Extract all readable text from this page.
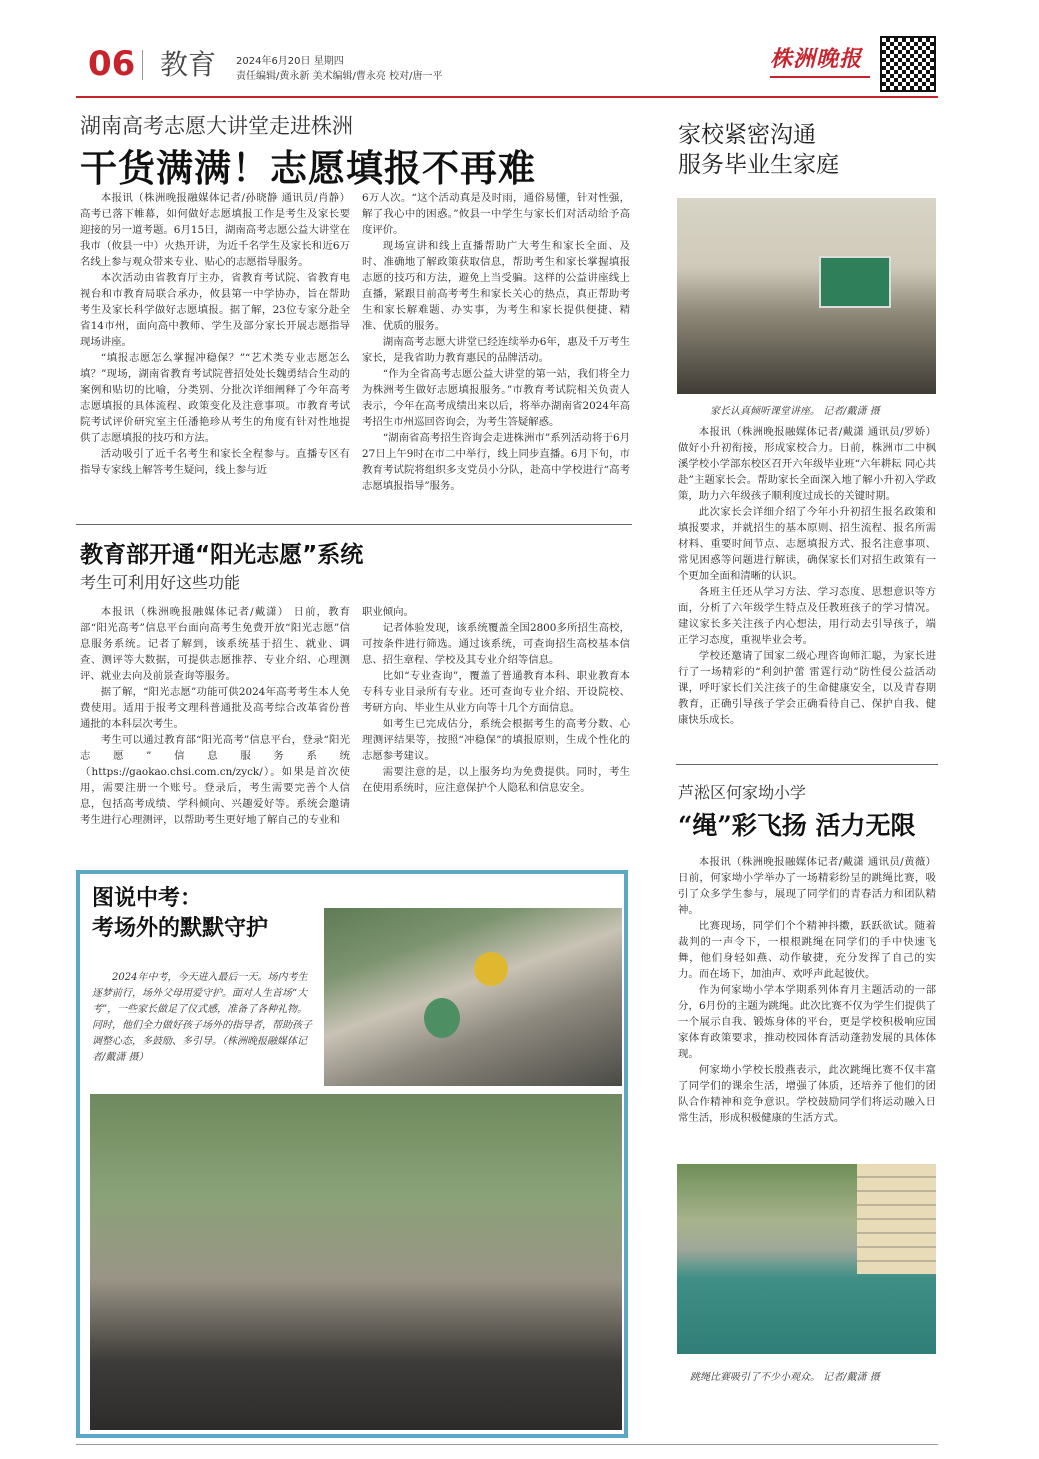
06 教育 2024年6月20日 星期四
责任编辑/黄永新 美术编辑/曹永亮 校对/唐一平
株洲晚报
湖南高考志愿大讲堂走进株洲
干货满满！志愿填报不再难

本报讯（株洲晚报融媒体记者/孙晓静 通讯员/肖静） 高考已落下帷幕，如何做好志愿填报工作是考生及家长要迎接的另一道考题。6月15日，湖南高考志愿公益大讲堂在我市（攸县一中）火热开讲，为近千名学生及家长和近6万名线上参与观众带来专业、贴心的志愿指导服务。

本次活动由省教育厅主办，省教育考试院、省教育电视台和市教育局联合承办，攸县第一中学协办，旨在帮助考生及家长科学做好志愿填报。据了解，23位专家分赴全省14市州，面向高中教师、学生及部分家长开展志愿指导现场讲座。

“填报志愿怎么掌握冲稳保？”“艺术类专业志愿怎么填？”现场，湖南省教育考试院普招处处长魏勇结合生动的案例和贴切的比喻，分类别、分批次详细阐释了今年高考志愿填报的具体流程、政策变化及注意事项。市教育考试院考试评价研究室主任潘艳珍从考生的角度有针对性地提供了志愿填报的技巧和方法。

活动吸引了近千名考生和家长全程参与。直播专区有指导专家线上解答考生疑问，线上参与近

6万人次。“这个活动真是及时雨，通俗易懂，针对性强，解了我心中的困惑。”攸县一中学生与家长们对活动给予高度评价。

现场宣讲和线上直播帮助广大考生和家长全面、及时、准确地了解政策获取信息，帮助考生和家长掌握填报志愿的技巧和方法，避免上当受骗。这样的公益讲座线上直播，紧跟目前高考考生和家长关心的热点，真正帮助考生和家长解难题、办实事，为考生和家长提供便捷、精准、优质的服务。

湖南高考志愿大讲堂已经连续举办6年，惠及千万考生家长，是我省助力教育惠民的品牌活动。

“作为全省高考志愿公益大讲堂的第一站，我们将全力为株洲考生做好志愿填报服务。”市教育考试院相关负责人表示，今年在高考成绩出来以后，将举办湖南省2024年高考招生市州巡回咨询会，为考生答疑解惑。

“湖南省高考招生咨询会走进株洲市”系列活动将于6月27日上午9时在市二中举行，线上同步直播。6月下旬，市教育考试院将组织多支党员小分队，赴高中学校进行“高考志愿填报指导”服务。

教育部开通“阳光志愿”系统
考生可利用好这些功能

本报讯（株洲晚报融媒体记者/戴潇） 日前，教育部“阳光高考”信息平台面向高考生免费开放“阳光志愿”信息服务系统。记者了解到，该系统基于招生、就业、调查、测评等大数据，可提供志愿推荐、专业介绍、心理测评、就业去向及前景查询等服务。

据了解，“阳光志愿”功能可供2024年高考考生本人免费使用。适用于报考文理科普通批及高考综合改革省份普通批的本科层次考生。

考生可以通过教育部“阳光高考”信息平台，登录“阳光志愿”信息服务系统（https://gaokao.chsi.com.cn/zyck/）。如果是首次使用，需要注册一个账号。登录后，考生需要完善个人信息，包括高考成绩、学科倾向、兴趣爱好等。系统会邀请考生进行心理测评，以帮助考生更好地了解自己的专业和

职业倾向。

记者体验发现，该系统覆盖全国2800多所招生高校，可按条件进行筛选。通过该系统，可查询招生高校基本信息、招生章程、学校及其专业介绍等信息。

比如“专业查询”，覆盖了普通教育本科、职业教育本专科专业目录所有专业。还可查询专业介绍、开设院校、考研方向、毕业生从业方向等十几个方面信息。

如考生已完成估分，系统会根据考生的高考分数、心理测评结果等，按照“冲稳保”的填报原则，生成个性化的志愿参考建议。

需要注意的是，以上服务均为免费提供。同时，考生在使用系统时，应注意保护个人隐私和信息安全。

图说中考：
考场外的默默守护
2024年中考，今天进入最后一天。场内考生逐梦前行，场外父母用爱守护。面对人生首场“大考”，一些家长做足了仪式感，准备了各种礼物。同时，他们全力做好孩子场外的指导者，帮助孩子调整心态，多鼓励、多引导。（株洲晚报融媒体记者/戴潇 摄）
家校紧密沟通
服务毕业生家庭
家长认真倾听课堂讲座。 记者/戴潇 摄

本报讯（株洲晚报融媒体记者/戴潇 通讯员/罗娇） 做好小升初衔接，形成家校合力。日前，株洲市二中枫溪学校小学部东校区召开六年级毕业班“六年耕耘 同心共赴”主题家长会。帮助家长全面深入地了解小升初入学政策，助力六年级孩子顺利度过成长的关键时期。

此次家长会详细介绍了今年小升初招生报名政策和填报要求，并就招生的基本原则、招生流程、报名所需材料、重要时间节点、志愿填报方式、报名注意事项、常见困惑等问题进行解读，确保家长们对招生政策有一个更加全面和清晰的认识。

各班主任还从学习方法、学习态度、思想意识等方面，分析了六年级学生特点及任教班孩子的学习情况。建议家长多关注孩子内心想法，用行动去引导孩子，端正学习态度，重视毕业会考。

学校还邀请了国家二级心理咨询师汇聪，为家长进行了一场精彩的“利剑护蕾 雷霆行动”防性侵公益活动课，呼吁家长们关注孩子的生命健康安全，以及青春期教育，正确引导孩子学会正确看待自己、保护自我、健康快乐成长。

芦淞区何家坳小学
“绳”彩飞扬 活力无限

本报讯（株洲晚报融媒体记者/戴潇 通讯员/黄薇） 日前，何家坳小学举办了一场精彩纷呈的跳绳比赛，吸引了众多学生参与，展现了同学们的青春活力和团队精神。

比赛现场，同学们个个精神抖擞，跃跃欲试。随着裁判的一声令下，一根根跳绳在同学们的手中快速飞舞，他们身轻如燕、动作敏捷，充分发挥了自己的实力。而在场下，加油声、欢呼声此起彼伏。

作为何家坳小学本学期系列体育月主题活动的一部分，6月份的主题为跳绳。此次比赛不仅为学生们提供了一个展示自我、锻炼身体的平台，更是学校积极响应国家体育政策要求，推动校园体育活动蓬勃发展的具体体现。

何家坳小学校长殷燕表示，此次跳绳比赛不仅丰富了同学们的课余生活，增强了体质，还培养了他们的团队合作精神和竞争意识。学校鼓励同学们将运动融入日常生活，形成积极健康的生活方式。

跳绳比赛吸引了不少小观众。 记者/戴潇 摄
